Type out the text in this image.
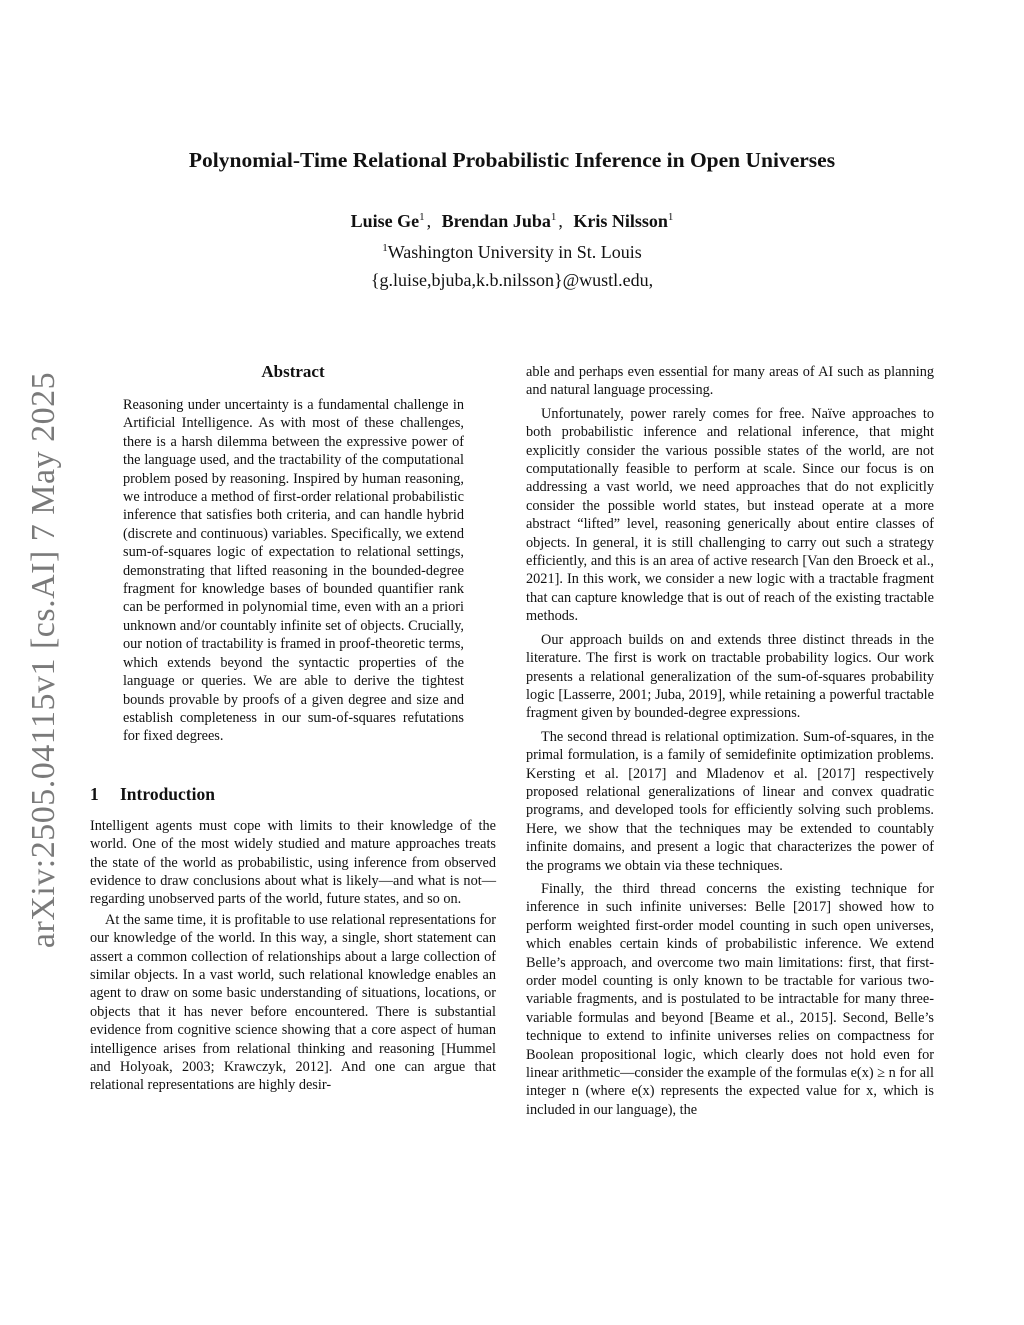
arXiv:2505.04115v1 [cs.AI] 7 May 2025
Polynomial-Time Relational Probabilistic Inference in Open Universes
Luise Ge$^1$ , Brendan Juba$^1$ , Kris Nilsson$^1$
$^1$Washington University in St. Louis
{g.luise,bjuba,k.b.nilsson}@wustl.edu,
Abstract

Reasoning under uncertainty is a fundamental challenge in Artificial Intelligence. As with most of these challenges, there is a harsh dilemma between the expressive power of the language used, and the tractability of the computational problem posed by reasoning. Inspired by human reasoning, we introduce a method of first-order relational probabilistic inference that satisfies both criteria, and can handle hybrid (discrete and continuous) variables. Specifically, we extend sum-of-squares logic of expectation to relational settings, demonstrating that lifted reasoning in the bounded-degree fragment for knowledge bases of bounded quantifier rank can be performed in polynomial time, even with an a priori unknown and/or countably infinite set of objects. Crucially, our notion of tractability is framed in proof-theoretic terms, which extends beyond the syntactic properties of the language or queries. We are able to derive the tightest bounds provable by proofs of a given degree and size and establish completeness in our sum-of-squares refutations for fixed degrees.

1 Introduction

Intelligent agents must cope with limits to their knowledge of the world. One of the most widely studied and mature approaches treats the state of the world as probabilistic, using inference from observed evidence to draw conclusions about what is likely—and what is not—regarding unobserved parts of the world, future states, and so on.

At the same time, it is profitable to use relational representations for our knowledge of the world. In this way, a single, short statement can assert a common collection of relationships about a large collection of similar objects. In a vast world, such relational knowledge enables an agent to draw on some basic understanding of situations, locations, or objects that it has never before encountered. There is substantial evidence from cognitive science showing that a core aspect of human intelligence arises from relational thinking and reasoning [Hummel and Holyoak, 2003; Krawczyk, 2012]. And one can argue that relational representations are highly desir-

able and perhaps even essential for many areas of AI such as planning and natural language processing.

Unfortunately, power rarely comes for free. Naïve approaches to both probabilistic inference and relational inference, that might explicitly consider the various possible states of the world, are not computationally feasible to perform at scale. Since our focus is on addressing a vast world, we need approaches that do not explicitly consider the possible world states, but instead operate at a more abstract “lifted” level, reasoning generically about entire classes of objects. In general, it is still challenging to carry out such a strategy efficiently, and this is an area of active research [Van den Broeck et al., 2021]. In this work, we consider a new logic with a tractable fragment that can capture knowledge that is out of reach of the existing tractable methods.

Our approach builds on and extends three distinct threads in the literature. The first is work on tractable probability logics. Our work presents a relational generalization of the sum-of-squares probability logic [Lasserre, 2001; Juba, 2019], while retaining a powerful tractable fragment given by bounded-degree expressions.

The second thread is relational optimization. Sum-of-squares, in the primal formulation, is a family of semidefinite optimization problems. Kersting et al. [2017] and Mladenov et al. [2017] respectively proposed relational generalizations of linear and convex quadratic programs, and developed tools for efficiently solving such problems. Here, we show that the techniques may be extended to countably infinite domains, and present a logic that characterizes the power of the programs we obtain via these techniques.

Finally, the third thread concerns the existing technique for inference in such infinite universes: Belle [2017] showed how to perform weighted first-order model counting in such open universes, which enables certain kinds of probabilistic inference. We extend Belle’s approach, and overcome two main limitations: first, that first-order model counting is only known to be tractable for various two-variable fragments, and is postulated to be intractable for many three-variable formulas and beyond [Beame et al., 2015]. Second, Belle’s technique to extend to infinite universes relies on compactness for Boolean propositional logic, which clearly does not hold even for linear arithmetic—consider the example of the formulas e(x) ≥ n for all integer n (where e(x) represents the expected value for x, which is included in our language), the
